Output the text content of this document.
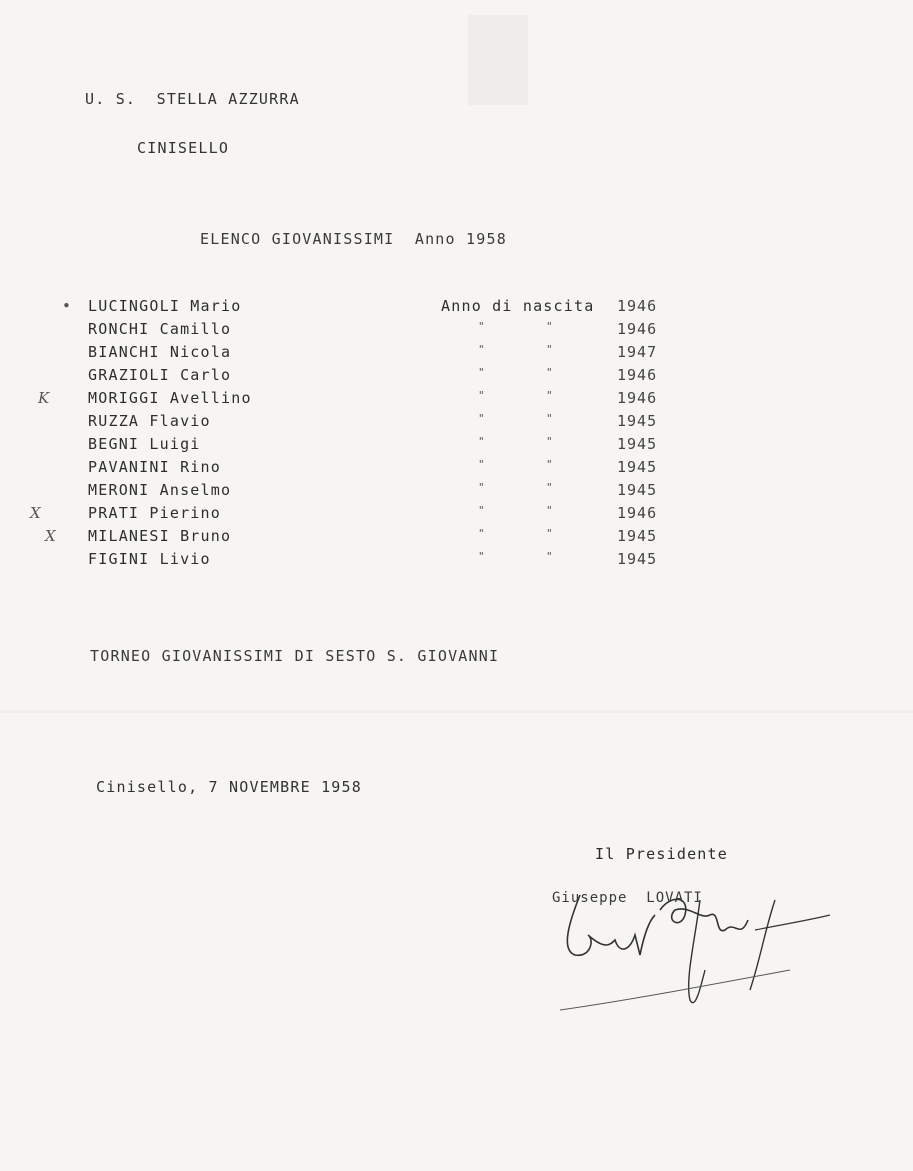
U. S.  STELLA AZZURRA
CINISELLO
ELENCO GIOVANISSIMI  Anno 1958
•	LUCINGOLI Mario	Anno di nascita 1946
RONCHI Camillo	"	"	1946
BIANCHI Nicola	"	"	1947
GRAZIOLI Carlo	"	"	1946
K	MORIGGI Avellino	"	"	1946
RUZZA Flavio	"	"	1945
BEGNI Luigi	"	"	1945
PAVANINI Rino	"	"	1945
MERONI Anselmo	"	"	1945
X	PRATI Pierino	"	"	1946
X	MILANESI Bruno	"	"	1945
FIGINI Livio	"	"	1945
TORNEO GIOVANISSIMI DI SESTO S. GIOVANNI
Cinisello, 7 NOVEMBRE 1958
Il Presidente
Giuseppe  LOVATI
